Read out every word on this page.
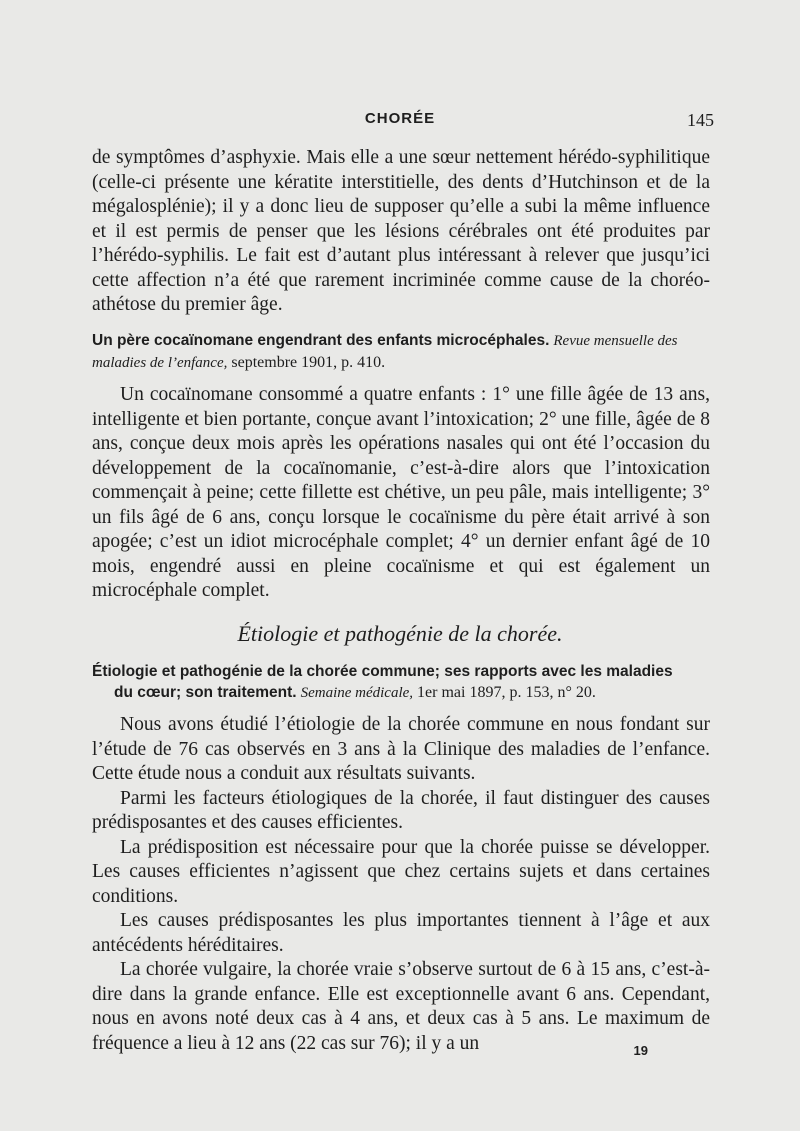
CHORÉE	145

de symptômes d’asphyxie. Mais elle a une sœur nettement hérédo-syphilitique (celle-ci présente une kératite interstitielle, des dents d’Hutchinson et de la mégalosplénie); il y a donc lieu de supposer qu’elle a subi la même influence et il est permis de penser que les lésions cérébrales ont été produites par l’hérédo-syphilis. Le fait est d’autant plus intéressant à relever que jusqu’ici cette affection n’a été que rarement incriminée comme cause de la choréo-athétose du premier âge.

Un père cocaïnomane engendrant des enfants microcéphales. Revue mensuelle des maladies de l’enfance, septembre 1901, p. 410.

Un cocaïnomane consommé a quatre enfants : 1° une fille âgée de 13 ans, intelligente et bien portante, conçue avant l’intoxication; 2° une fille, âgée de 8 ans, conçue deux mois après les opérations nasales qui ont été l’occasion du développement de la cocaïnomanie, c’est-à-dire alors que l’intoxication commençait à peine; cette fillette est chétive, un peu pâle, mais intelligente; 3° un fils âgé de 6 ans, conçu lorsque le cocaïnisme du père était arrivé à son apogée; c’est un idiot microcéphale complet; 4° un dernier enfant âgé de 10 mois, engendré aussi en pleine cocaïnisme et qui est également un microcéphale complet.

Étiologie et pathogénie de la chorée.
Étiologie et pathogénie de la chorée commune; ses rapports avec les maladies
du cœur; son traitement. Semaine médicale, 1er mai 1897, p. 153, n° 20.

Nous avons étudié l’étiologie de la chorée commune en nous fondant sur l’étude de 76 cas observés en 3 ans à la Clinique des maladies de l’enfance. Cette étude nous a conduit aux résultats suivants.

Parmi les facteurs étiologiques de la chorée, il faut distinguer des causes prédisposantes et des causes efficientes.

La prédisposition est nécessaire pour que la chorée puisse se développer. Les causes efficientes n’agissent que chez certains sujets et dans certaines conditions.

Les causes prédisposantes les plus importantes tiennent à l’âge et aux antécédents héréditaires.

La chorée vulgaire, la chorée vraie s’observe surtout de 6 à 15 ans, c’est-à-dire dans la grande enfance. Elle est exceptionnelle avant 6 ans. Cependant, nous en avons noté deux cas à 4 ans, et deux cas à 5 ans. Le maximum de fréquence a lieu à 12 ans (22 cas sur 76); il y a un	19
